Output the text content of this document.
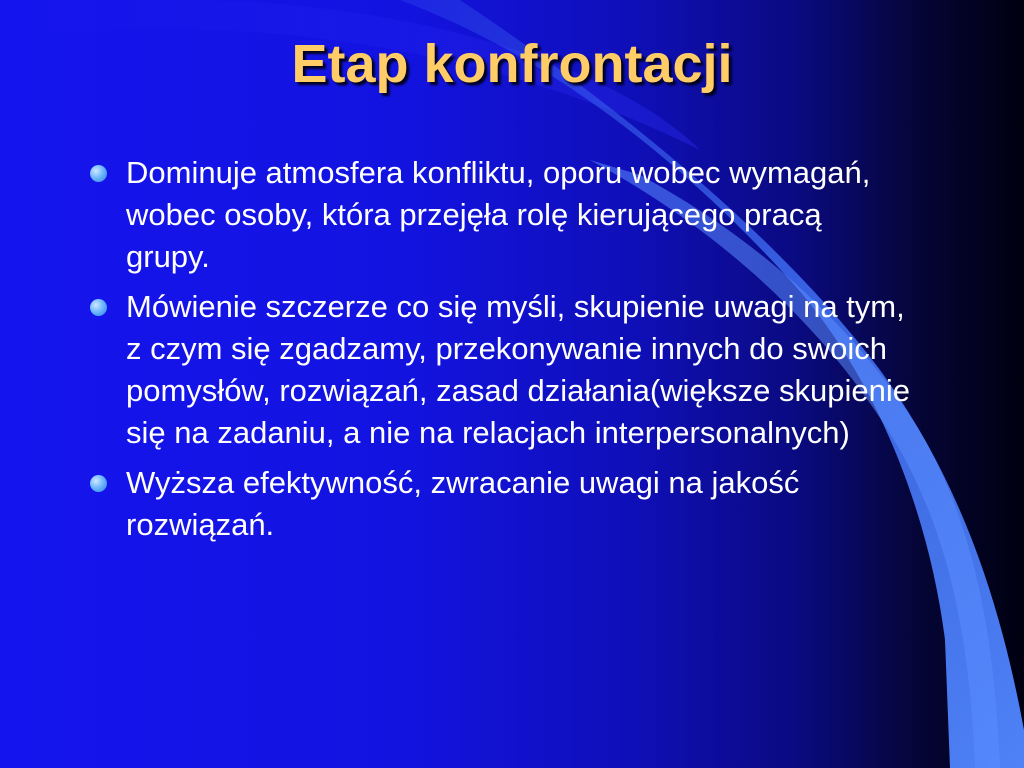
Etap konfrontacji
Dominuje atmosfera konfliktu, oporu wobec wymagań, wobec osoby, która przejęła rolę kierującego pracą grupy.
Mówienie szczerze co się myśli, skupienie uwagi na tym, z czym się zgadzamy, przekonywanie innych do swoich pomysłów, rozwiązań, zasad działania(większe skupienie się na zadaniu, a nie na relacjach interpersonalnych)
Wyższa efektywność, zwracanie uwagi na jakość rozwiązań.
